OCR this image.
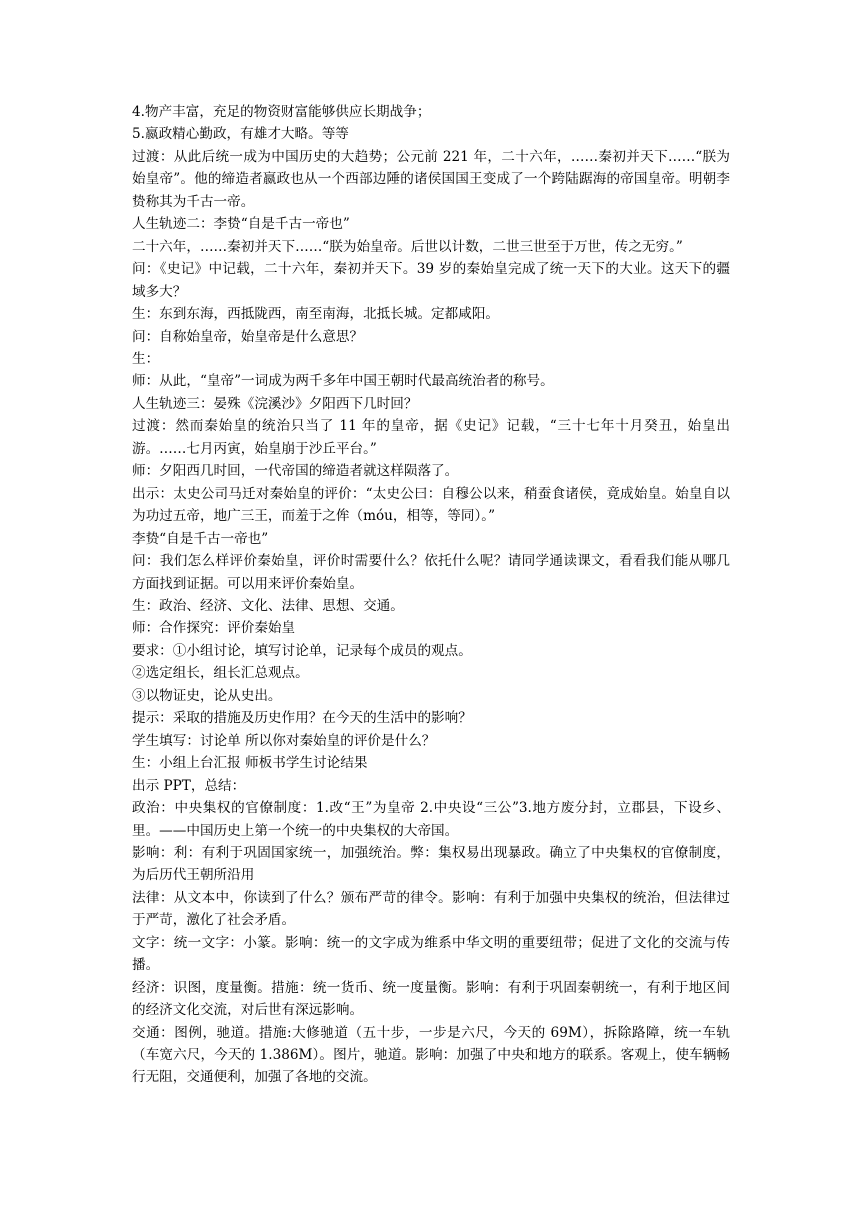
4.物产丰富，充足的物资财富能够供应长期战争；

5.嬴政精心勤政，有雄才大略。等等

过渡：从此后统一成为中国历史的大趋势；公元前 221 年，二十六年，……秦初并天下……“朕为始皇帝”。他的缔造者嬴政也从一个西部边陲的诸侯国国王变成了一个跨陆踞海的帝国皇帝。明朝李贽称其为千古一帝。

人生轨迹二：李贽“自是千古一帝也”

二十六年，……秦初并天下……“朕为始皇帝。后世以计数，二世三世至于万世，传之无穷。”

问：《史记》中记载，二十六年，秦初并天下。39 岁的秦始皇完成了统一天下的大业。这天下的疆域多大？

生：东到东海，西抵陇西，南至南海，北抵长城。定都咸阳。

问：自称始皇帝，始皇帝是什么意思？

生：

师：从此，“皇帝”一词成为两千多年中国王朝时代最高统治者的称号。

人生轨迹三：晏殊《浣溪沙》夕阳西下几时回？

过渡：然而秦始皇的统治只当了 11 年的皇帝，据《史记》记载，“三十七年十月癸丑，始皇出游。……七月丙寅，始皇崩于沙丘平台。”

师：夕阳西几时回，一代帝国的缔造者就这样陨落了。

出示：太史公司马迁对秦始皇的评价：“太史公曰：自穆公以来，稍蚕食诸侯，竟成始皇。始皇自以为功过五帝，地广三王，而羞于之侔（móu，相等，等同）。”

李贽“自是千古一帝也”

问：我们怎么样评价秦始皇，评价时需要什么？依托什么呢？请同学通读课文，看看我们能从哪几方面找到证据。可以用来评价秦始皇。

生：政治、经济、文化、法律、思想、交通。

师：合作探究：评价秦始皇

要求：①小组讨论，填写讨论单，记录每个成员的观点。

②选定组长，组长汇总观点。

③以物证史，论从史出。

提示：采取的措施及历史作用？在今天的生活中的影响？

学生填写：讨论单 所以你对秦始皇的评价是什么？

生：小组上台汇报 师板书学生讨论结果

出示 PPT，总结：

政治：中央集权的官僚制度：1.改“王”为皇帝 2.中央设“三公”3.地方废分封，立郡县，下设乡、里。——中国历史上第一个统一的中央集权的大帝国。

影响：利：有利于巩固国家统一，加强统治。弊：集权易出现暴政。确立了中央集权的官僚制度，为后历代王朝所沿用

法律：从文本中，你读到了什么？颁布严苛的律令。影响：有利于加强中央集权的统治，但法律过于严苛，激化了社会矛盾。

文字：统一文字：小篆。影响：统一的文字成为维系中华文明的重要纽带；促进了文化的交流与传播。

经济：识图，度量衡。措施：统一货币、统一度量衡。影响：有利于巩固秦朝统一，有利于地区间的经济文化交流，对后世有深远影响。

交通：图例，驰道。措施:大修驰道（五十步，一步是六尺，今天的 69M），拆除路障，统一车轨（车宽六尺，今天的 1.386M）。图片，驰道。影响：加强了中央和地方的联系。客观上，使车辆畅行无阻，交通便利，加强了各地的交流。
